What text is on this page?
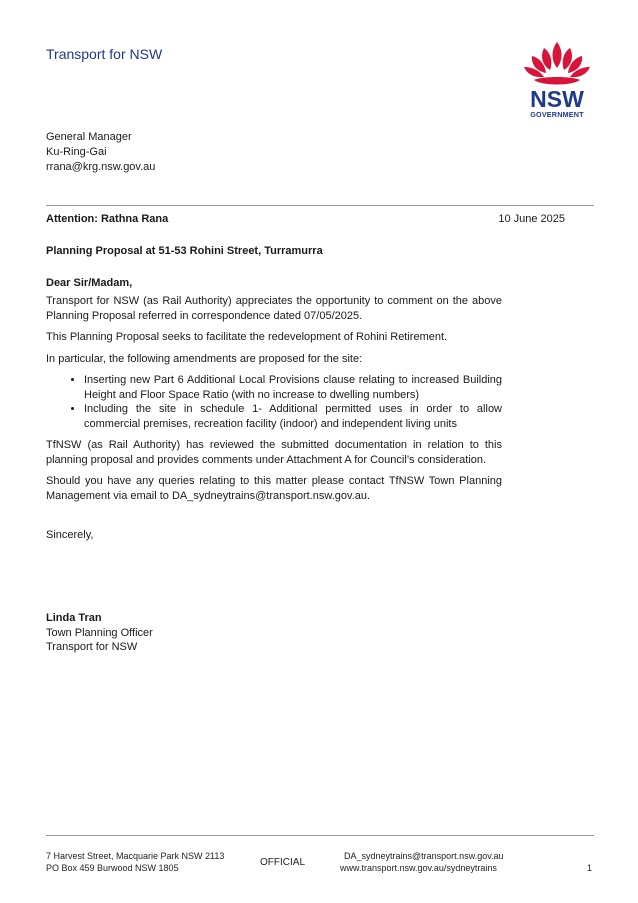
Transport for NSW
NSW
GOVERNMENT
General Manager
Ku-Ring-Gai
rrana@krg.nsw.gov.au
Attention: Rathna Rana	10 June 2025
Planning Proposal at 51-53 Rohini Street, Turramurra
Dear Sir/Madam,

Transport for NSW (as Rail Authority) appreciates the opportunity to comment on the above Planning Proposal referred in correspondence dated 07/05/2025.

This Planning Proposal seeks to facilitate the redevelopment of Rohini Retirement.

In particular, the following amendments are proposed for the site:

• Inserting new Part 6 Additional Local Provisions clause relating to increased Building Height and Floor Space Ratio (with no increase to dwelling numbers)
• Including the site in schedule 1- Additional permitted uses in order to allow commercial premises, recreation facility (indoor) and independent living units

TfNSW (as Rail Authority) has reviewed the submitted documentation in relation to this planning proposal and provides comments under Attachment A for Council’s consideration.

Should you have any queries relating to this matter please contact TfNSW Town Planning Management via email to DA_sydneytrains@transport.nsw.gov.au.

Sincerely,
Linda Tran
Town Planning Officer
Transport for NSW
7 Harvest Street, Macquarie Park NSW 2113
PO Box 459 Burwood NSW 1805	OFFICIAL
DA_sydneytrains@transport.nsw.gov.au
www.transport.nsw.gov.au/sydneytrains	1
